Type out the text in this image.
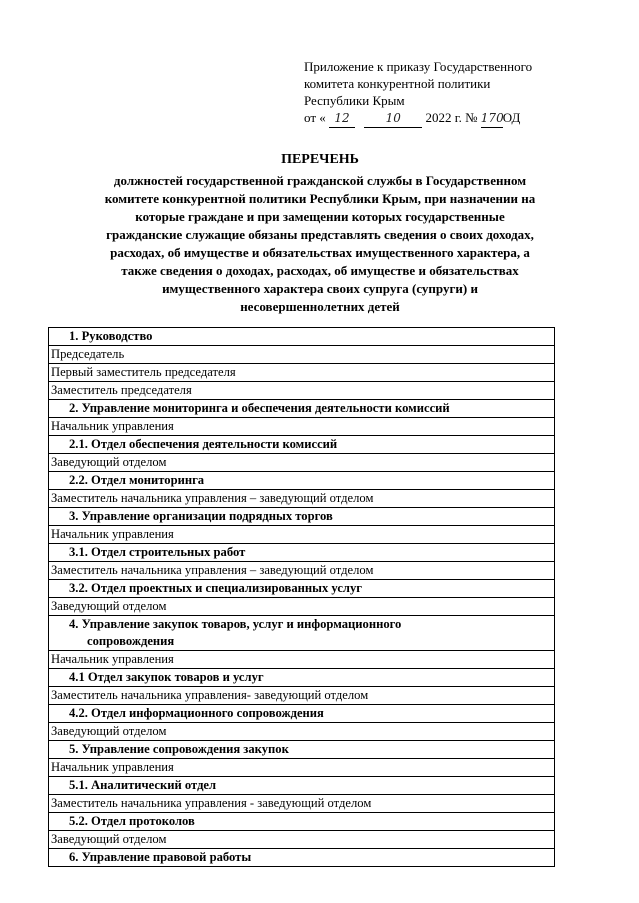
Приложение к приказу Государственного
комитета конкурентной политики
Республики Крым
от « 12	10 2022 г. № 170ОД
ПЕРЕЧЕНЬ
должностей государственной гражданской службы в Государственном
комитете конкурентной политики Республики Крым, при назначении на
которые граждане и при замещении которых государственные
гражданские служащие обязаны представлять сведения о своих доходах,
расходах, об имуществе и обязательствах имущественного характера, а
также сведения о доходах, расходах, об имуществе и обязательствах
имущественного характера своих супруга (супруги) и
несовершеннолетних детей
1. Руководство
Председатель
Первый заместитель председателя
Заместитель председателя
2. Управление мониторинга и обеспечения деятельности комиссий
Начальник управления
2.1. Отдел обеспечения деятельности комиссий
Заведующий отделом
2.2. Отдел мониторинга
Заместитель начальника управления – заведующий отделом
3. Управление организации подрядных торгов
Начальник управления
3.1. Отдел строительных работ
Заместитель начальника управления – заведующий отделом
3.2. Отдел проектных и специализированных услуг
Заведующий отделом
4. Управление закупок товаров, услуг и информационного
сопровождения
Начальник управления
4.1 Отдел закупок товаров и услуг
Заместитель начальника управления- заведующий отделом
4.2. Отдел информационного сопровождения
Заведующий отделом
5. Управление сопровождения закупок
Начальник управления
5.1. Аналитический отдел
Заместитель начальника управления - заведующий отделом
5.2. Отдел протоколов
Заведующий отделом
6. Управление правовой работы
